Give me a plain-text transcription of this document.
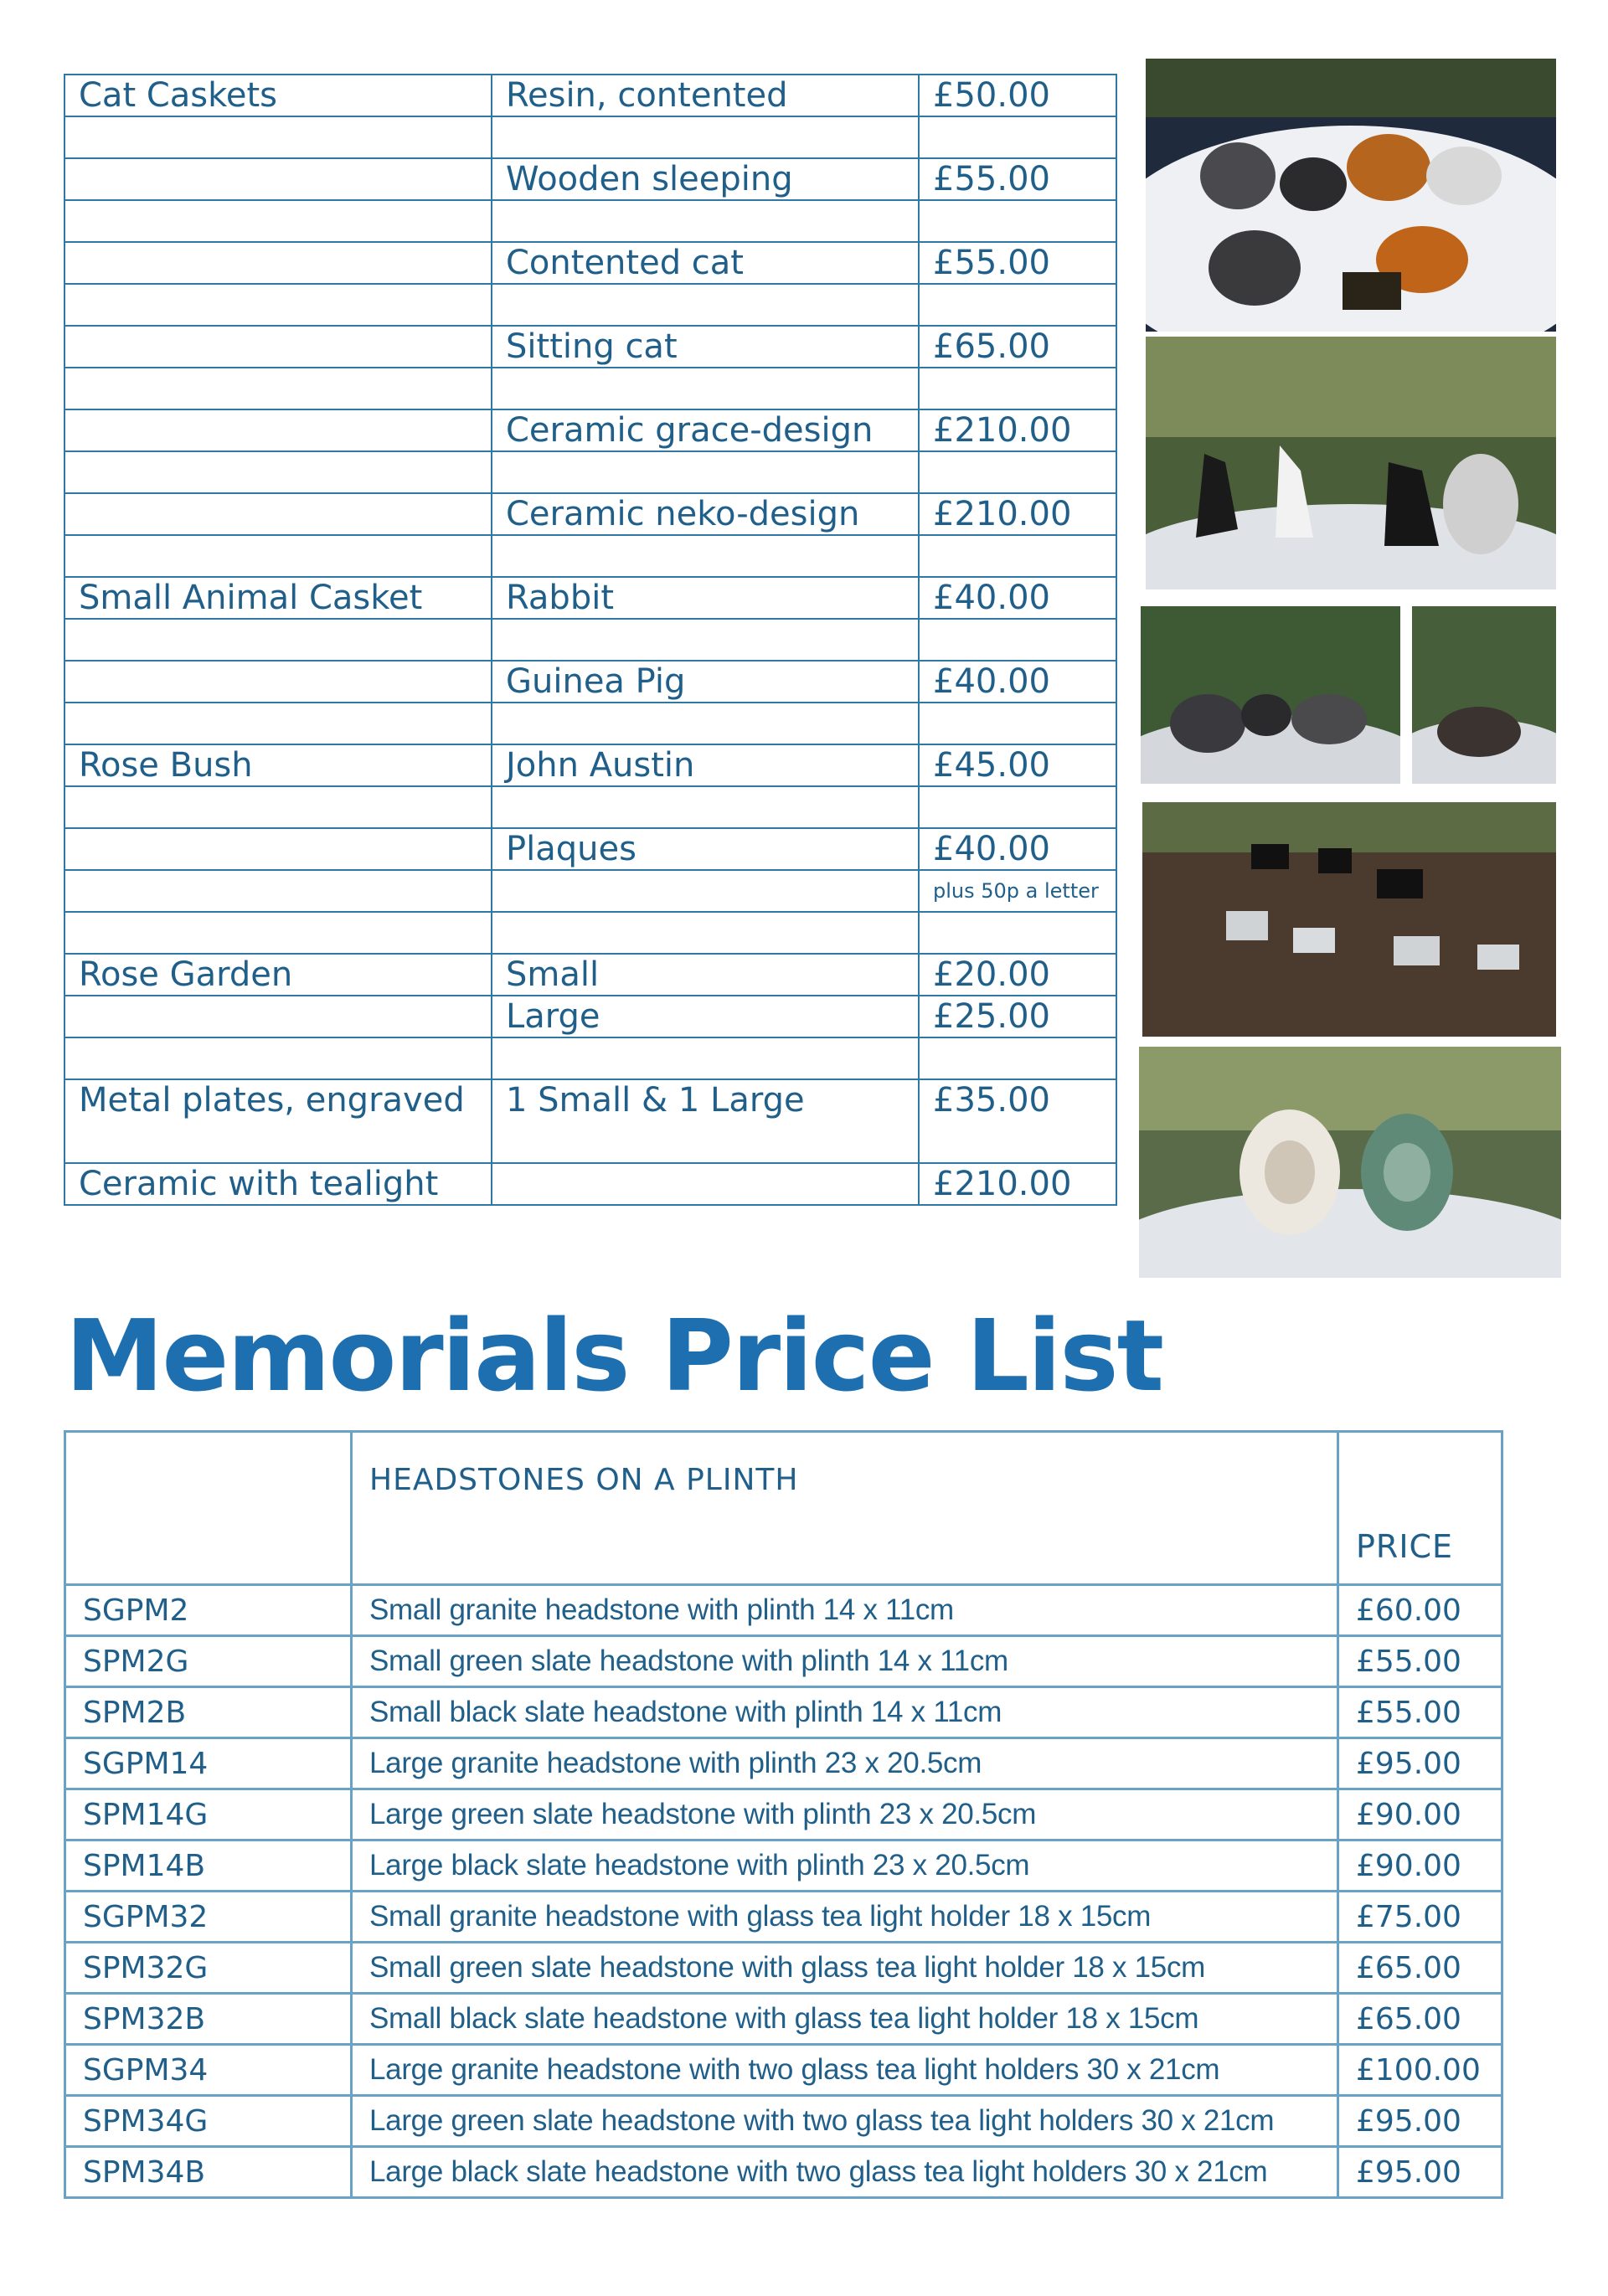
Cat Caskets	Resin, contented	£50.00

	Wooden sleeping	£55.00

	Contented cat	£55.00

	Sitting cat	£65.00

	Ceramic grace-design	£210.00

	Ceramic neko-design	£210.00

Small Animal Casket	Rabbit	£40.00

	Guinea Pig	£40.00

Rose Bush	John Austin	£45.00

	Plaques	£40.00
		plus 50p a letter

Rose Garden	Small	£20.00
	Large	£25.00

Metal plates, engraved	1 Small & 1 Large	£35.00
Ceramic with tealight		£210.00
Memorials Price List
	HEADSTONES ON A PLINTH	PRICE
SGPM2	Small granite headstone with plinth 14 x 11cm	£60.00
SPM2G	Small green slate headstone with plinth 14 x 11cm	£55.00
SPM2B	Small black slate headstone with plinth 14 x 11cm	£55.00
SGPM14	Large granite headstone with plinth 23 x 20.5cm	£95.00
SPM14G	Large green slate headstone with plinth 23 x 20.5cm	£90.00
SPM14B	Large black slate headstone with plinth 23 x 20.5cm	£90.00
SGPM32	Small granite headstone with glass tea light holder 18 x 15cm	£75.00
SPM32G	Small green slate headstone with glass tea light holder 18 x 15cm	£65.00
SPM32B	Small black slate headstone with glass tea light holder 18 x 15cm	£65.00
SGPM34	Large granite headstone with two glass tea light holders 30 x 21cm	£100.00
SPM34G	Large green slate headstone with two glass tea light holders 30 x 21cm	£95.00
SPM34B	Large black slate headstone with two glass tea light holders 30 x 21cm	£95.00
